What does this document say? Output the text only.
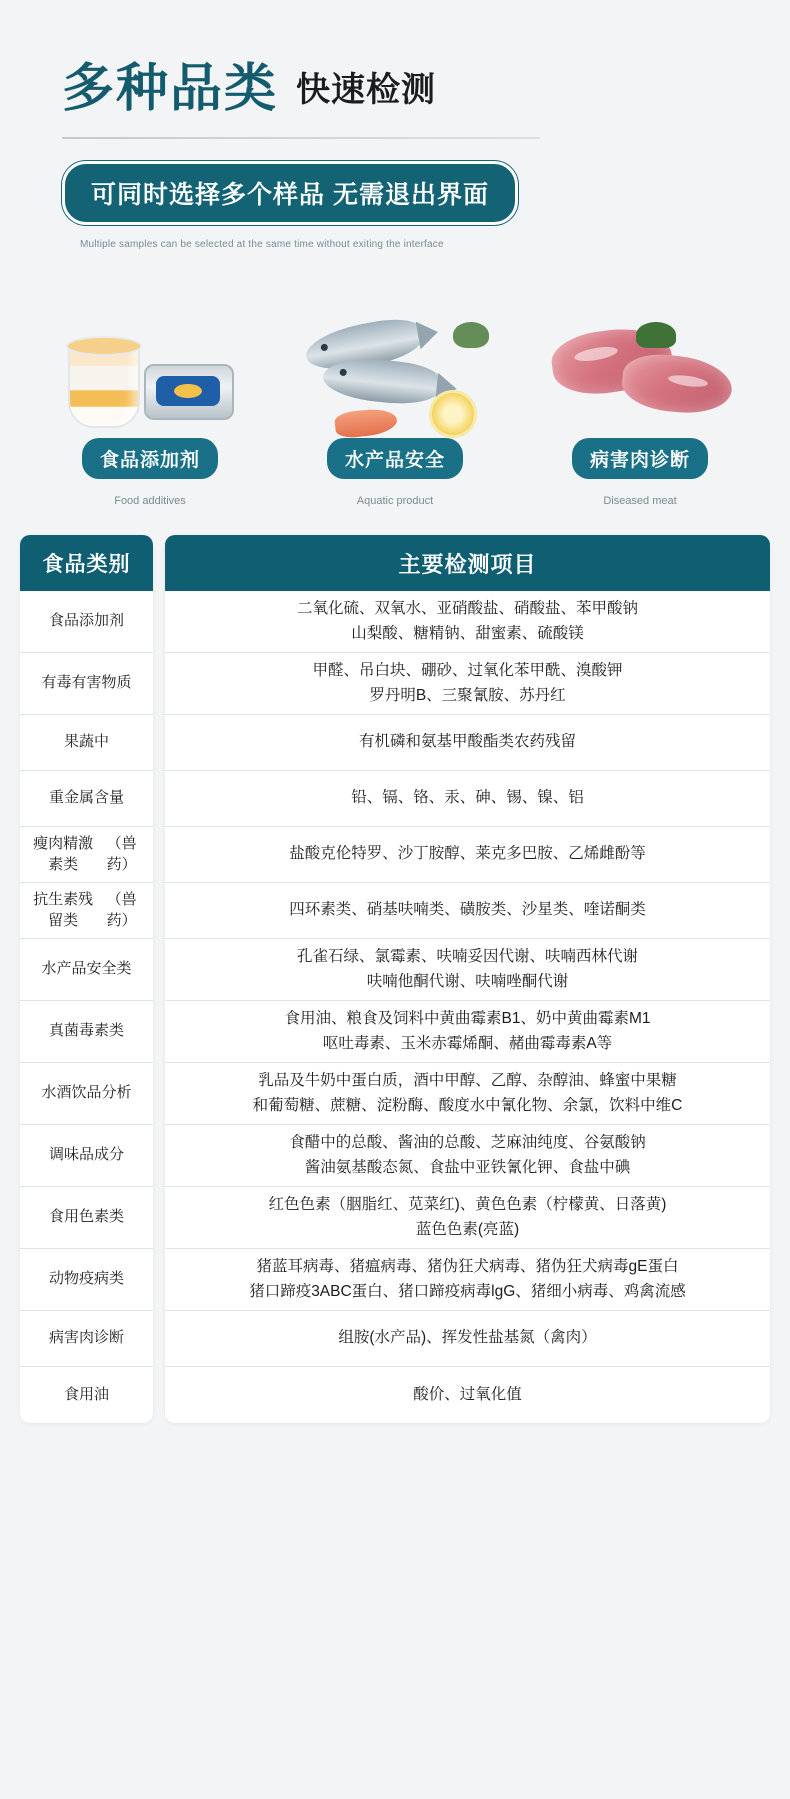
多种品类 快速检测
可同时选择多个样品 无需退出界面
Multiple samples can be selected at the same time without exiting the interface
食品添加剂
Food additives
水产品安全
Aquatic product
病害肉诊断
Diseased meat
食品类别
食品添加剂
有毒有害物质
果蔬中
重金属含量
瘦肉精激素类
（兽药）
抗生素残留类
（兽药）
水产品安全类
真菌毒素类
水酒饮品 分析
调味品成分
食用色素类
动物疫病类
病害肉诊断
食用油
主要检测项目
二氧化硫、双氧水、亚硝酸盐、硝酸盐、苯甲酸钠
山梨酸、糖精钠、甜蜜素、硫酸镁
甲醛、吊白块、硼砂、过氧化苯甲酰、溴酸钾
罗丹明B、三聚氰胺、苏丹红
有机磷和氨基甲酸酯类农药残留
铅、镉、铬、汞、砷、锡、镍、铝
盐酸克伦特罗、沙丁胺醇、莱克多巴胺、乙烯雌酚等
四环素类、硝基呋喃类、磺胺类、沙星类、喹诺酮类
孔雀石绿、氯霉素、呋喃妥因代谢、呋喃西林代谢
呋喃他酮代谢、呋喃唑酮代谢
食用油、粮食及饲料中黄曲霉素B1、奶中黄曲霉素M1
呕吐毒素、玉米赤霉烯酮、赭曲霉毒素A等
乳品及牛奶中蛋白质，酒中甲醇、乙醇、杂醇油、蜂蜜中果糖
和葡萄糖、蔗糖、淀粉酶、酸度水中氰化物、余氯，饮料中维C
食醋中的总酸、酱油的总酸、芝麻油纯度、谷氨酸钠
酱油氨基酸态氮、食盐中亚铁氰化钾、食盐中碘
红色色素（胭脂红、苋菜红)、黄色色素（柠檬黄、日落黄)
蓝色色素(亮蓝)
猪蓝耳病毒、猪瘟病毒、猪伪狂犬病毒、猪伪狂犬病毒gE蛋白
猪口蹄疫3ABC蛋白、猪口蹄疫病毒lgG、猪细小病毒、鸡禽流感
组胺(水产品)、挥发性盐基氮（禽肉）
酸价、过氧化值
